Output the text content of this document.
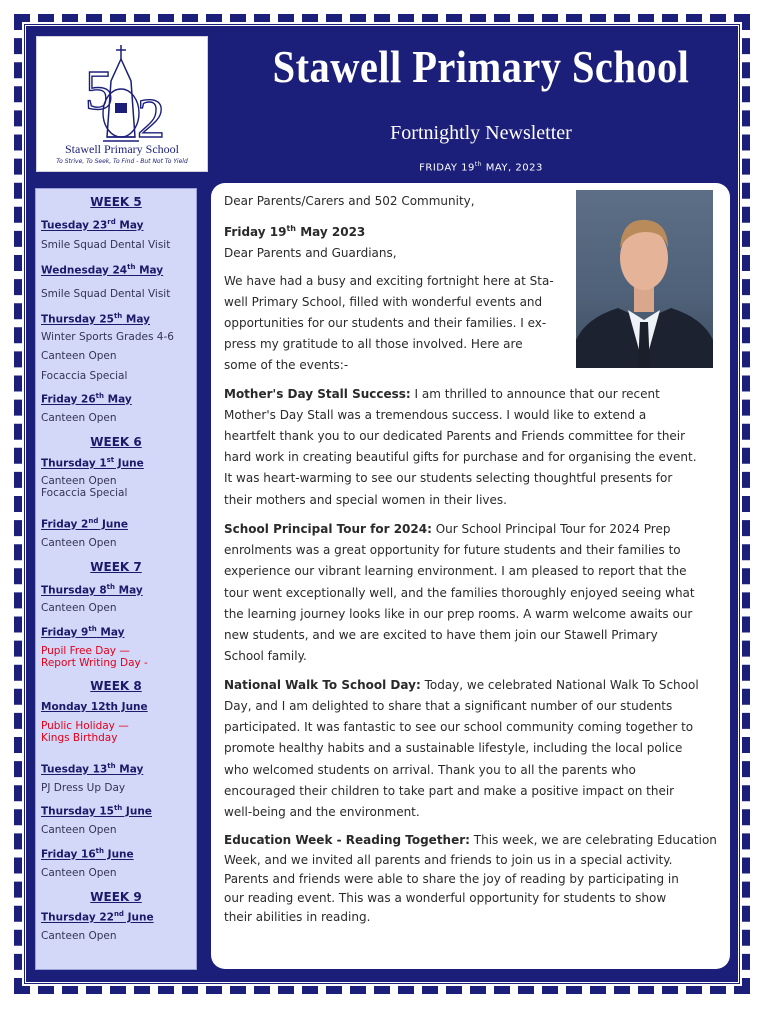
5 2
Stawell Primary School
To Strive, To Seek, To Find - But Not To Yield
Stawell Primary School
Fortnightly Newsletter
FRIDAY 19th MAY, 2023
WEEK 5
Tuesday 23rd May
Smile Squad Dental Visit
Wednesday 24th May
Smile Squad Dental Visit
Thursday 25th May
Winter Sports Grades 4-6
Canteen Open
Focaccia Special
Friday 26th May
Canteen Open
WEEK 6
Thursday 1st June
Canteen Open
Focaccia Special
Friday 2nd June
Canteen Open
WEEK 7
Thursday 8th May
Canteen Open
Friday 9th May
Pupil Free Day —
Report Writing Day -
WEEK 8
Monday 12th June
Public Holiday —
Kings Birthday
Tuesday 13th May
PJ Dress Up Day
Thursday 15th June
Canteen Open
Friday 16th June
Canteen Open
WEEK 9
Thursday 22nd June
Canteen Open
Dear Parents/Carers and 502 Community,
Friday 19th May 2023
Dear Parents and Guardians,
We have had a busy and exciting fortnight here at Sta-
well Primary School, filled with wonderful events and
opportunities for our students and their families. I ex-
press my gratitude to all those involved. Here are
some of the events:-
Mother's Day Stall Success: I am thrilled to announce that our recent
Mother's Day Stall was a tremendous success. I would like to extend a
heartfelt thank you to our dedicated Parents and Friends committee for their
hard work in creating beautiful gifts for purchase and for organising the event.
It was heart-warming to see our students selecting thoughtful presents for
their mothers and special women in their lives.
School Principal Tour for 2024: Our School Principal Tour for 2024 Prep
enrolments was a great opportunity for future students and their families to
experience our vibrant learning environment. I am pleased to report that the
tour went exceptionally well, and the families thoroughly enjoyed seeing what
the learning journey looks like in our prep rooms. A warm welcome awaits our
new students, and we are excited to have them join our Stawell Primary
School family.
National Walk To School Day: Today, we celebrated National Walk To School
Day, and I am delighted to share that a significant number of our students
participated. It was fantastic to see our school community coming together to
promote healthy habits and a sustainable lifestyle, including the local police
who welcomed students on arrival. Thank you to all the parents who
encouraged their children to take part and make a positive impact on their
well-being and the environment.
Education Week - Reading Together: This week, we are celebrating Education
Week, and we invited all parents and friends to join us in a special activity.
Parents and friends were able to share the joy of reading by participating in
our reading event. This was a wonderful opportunity for students to show
their abilities in reading.
